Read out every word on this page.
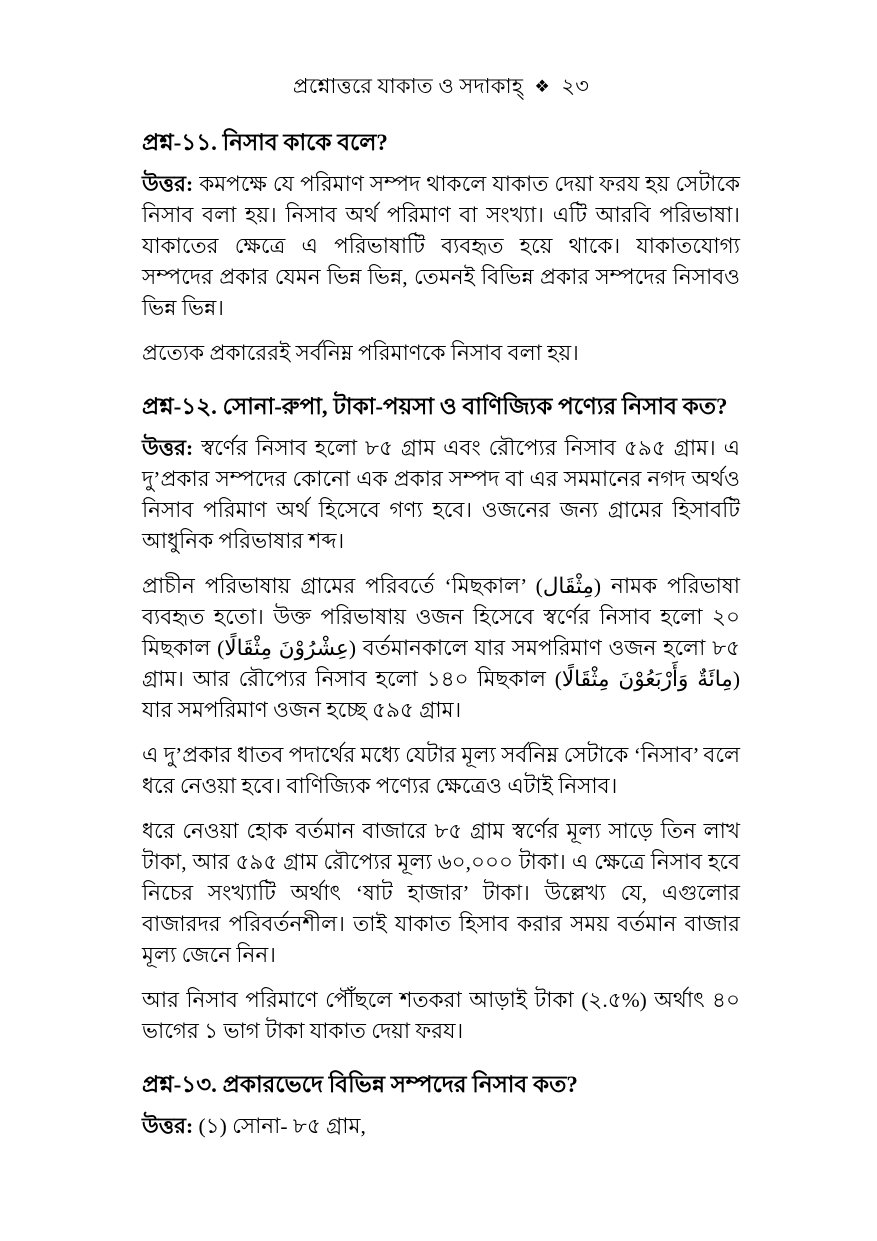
প্রশ্নোত্তরে যাকাত ও সদাকাহ্ ❖ ২৩
প্রশ্ন-১১. নিসাব কাকে বলে?

উত্তর: কমপক্ষে যে পরিমাণ সম্পদ থাকলে যাকাত দেয়া ফরয হয় সেটাকে নিসাব বলা হয়। নিসাব অর্থ পরিমাণ বা সংখ্যা। এটি আরবি পরিভাষা। যাকাতের ক্ষেত্রে এ পরিভাষাটি ব্যবহৃত হয়ে থাকে। যাকাতযোগ্য সম্পদের প্রকার যেমন ভিন্ন ভিন্ন, তেমনই বিভিন্ন প্রকার সম্পদের নিসাবও ভিন্ন ভিন্ন।

প্রত্যেক প্রকারেরই সর্বনিম্ন পরিমাণকে নিসাব বলা হয়।

প্রশ্ন-১২. সোনা-রুপা, টাকা-পয়সা ও বাণিজ্যিক পণ্যের নিসাব কত?

উত্তর: স্বর্ণের নিসাব হলো ৮৫ গ্রাম এবং রৌপ্যের নিসাব ৫৯৫ গ্রাম। এ দু’প্রকার সম্পদের কোনো এক প্রকার সম্পদ বা এর সমমানের নগদ অর্থও নিসাব পরিমাণ অর্থ হিসেবে গণ্য হবে। ওজনের জন্য গ্রামের হিসাবটি আধুনিক পরিভাষার শব্দ।

প্রাচীন পরিভাষায় গ্রামের পরিবর্তে ‘মিছকাল’ (مِثْقَال) নামক পরিভাষা ব্যবহৃত হতো। উক্ত পরিভাষায় ওজন হিসেবে স্বর্ণের নিসাব হলো ২০ মিছকাল (عِشْرُوْنَ مِثْقَالًا) বর্তমানকালে যার সমপরিমাণ ওজন হলো ৮৫ গ্রাম। আর রৌপ্যের নিসাব হলো ১৪০ মিছকাল (مِائَةٌ وَأَرْبَعُوْنَ مِثْقَالًا) যার সমপরিমাণ ওজন হচ্ছে ৫৯৫ গ্রাম।

এ দু’প্রকার ধাতব পদার্থের মধ্যে যেটার মূল্য সর্বনিম্ন সেটাকে ‘নিসাব’ বলে ধরে নেওয়া হবে। বাণিজ্যিক পণ্যের ক্ষেত্রেও এটাই নিসাব।

ধরে নেওয়া হোক বর্তমান বাজারে ৮৫ গ্রাম স্বর্ণের মূল্য সাড়ে তিন লাখ টাকা, আর ৫৯৫ গ্রাম রৌপ্যের মূল্য ৬০,০০০ টাকা। এ ক্ষেত্রে নিসাব হবে নিচের সংখ্যাটি অর্থাৎ ‘ষাট হাজার’ টাকা। উল্লেখ্য যে, এগুলোর বাজারদর পরিবর্তনশীল। তাই যাকাত হিসাব করার সময় বর্তমান বাজার মূল্য জেনে নিন।

আর নিসাব পরিমাণে পৌঁছলে শতকরা আড়াই টাকা (২.৫%) অর্থাৎ ৪০ ভাগের ১ ভাগ টাকা যাকাত দেয়া ফরয।

প্রশ্ন-১৩. প্রকারভেদে বিভিন্ন সম্পদের নিসাব কত?

উত্তর: (১) সোনা- ৮৫ গ্রাম,
